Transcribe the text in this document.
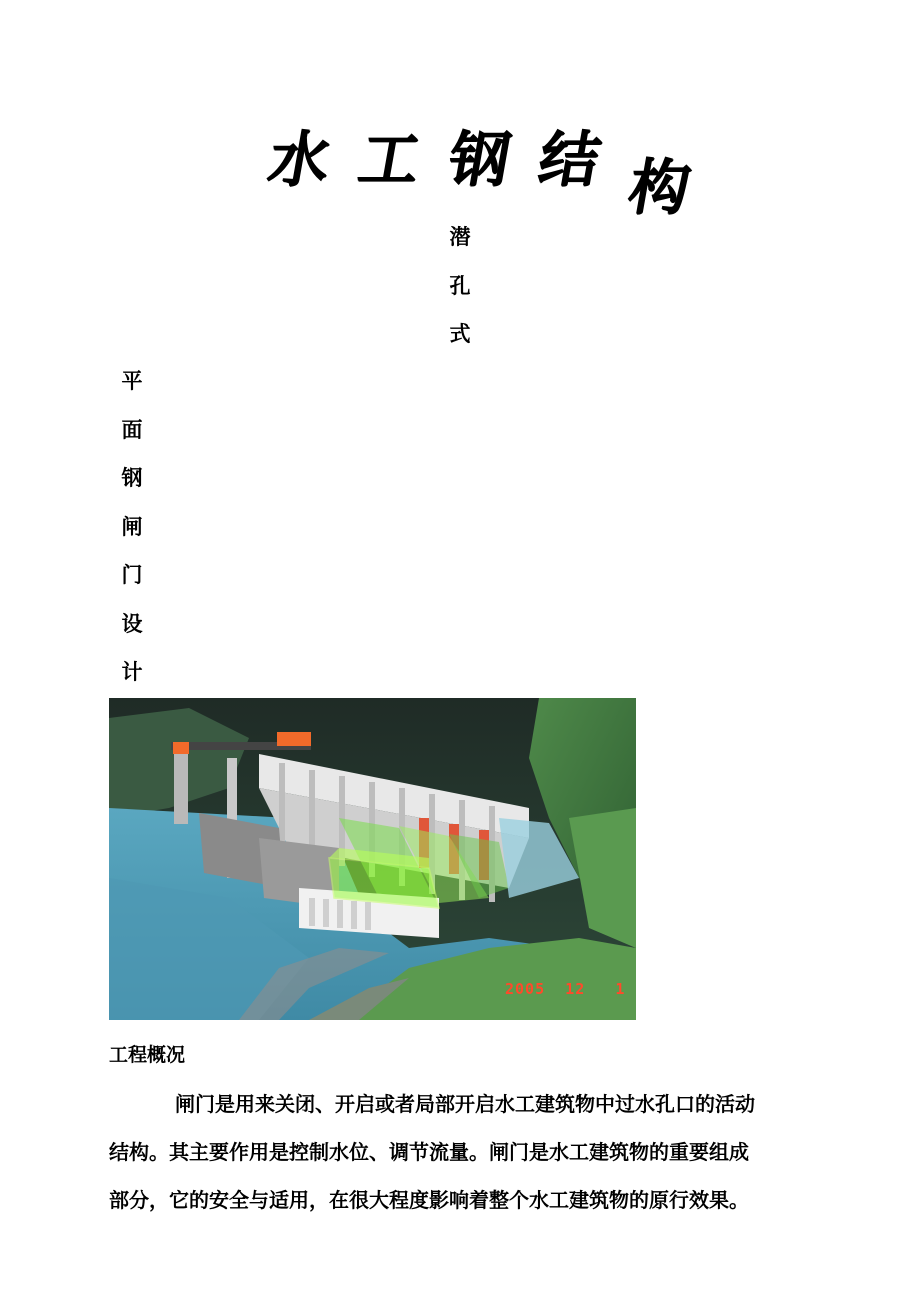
水 工 钢 结 构
潜
孔
式
平
面
钢
闸
门
设
计
2005  12   1
工程概况
闸门是用来关闭、开启或者局部开启水工建筑物中过水孔口的活动
结构。其主要作用是控制水位、调节流量。闸门是水工建筑物的重要组成
部分，它的安全与适用，在很大程度影响着整个水工建筑物的原行效果。
